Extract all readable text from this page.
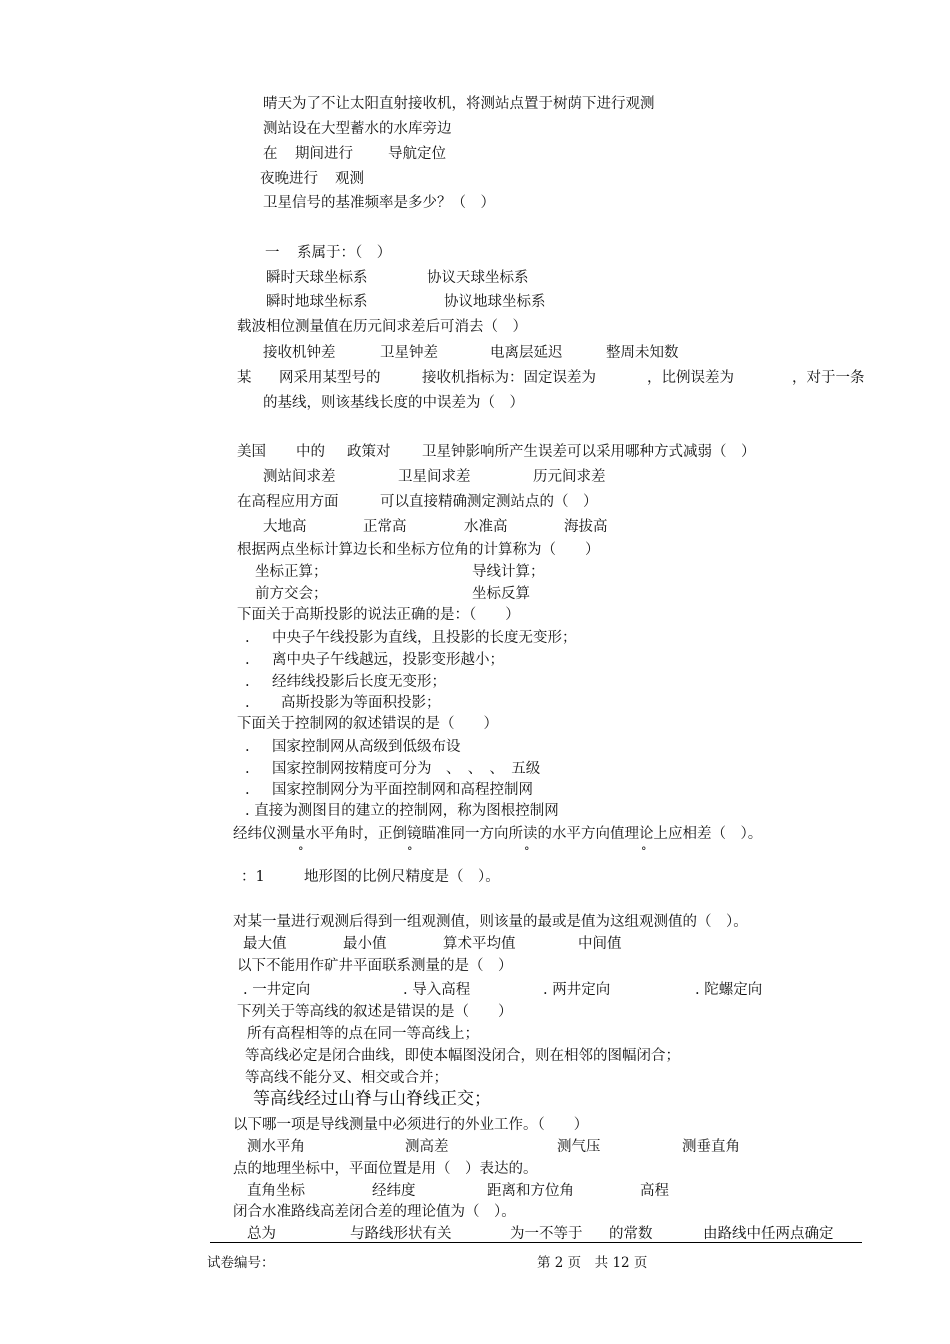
晴天为了不让太阳直射接收机，将测站点置于树荫下进行观测
测站设在大型蓄水的水库旁边
在 期间进行 导航定位
夜晚进行 观测
卫星信号的基准频率是多少？（　）
一 系属于：（　）
瞬时天球坐标系	协议天球坐标系
瞬时地球坐标系	协议地球坐标系
载波相位测量值在历元间求差后可消去（　）
接收机钟差	卫星钟差	电离层延迟	整周未知数
某 网采用某型号的	接收机指标为：固定误差为	，比例误差为	，对于一条
的基线，则该基线长度的中误差为（　）
美国 中的 政策对 卫星钟影响所产生误差可以采用哪种方式减弱（　）
测站间求差	卫星间求差	历元间求差
在高程应用方面	可以直接精确测定测站点的（　）
大地高	正常高	水准高	海拔高
根据两点坐标计算边长和坐标方位角的计算称为（　　）
坐标正算；	导线计算；
前方交会；	坐标反算
下面关于高斯投影的说法正确的是：（　　）
. 中央子午线投影为直线，且投影的长度无变形；
. 离中央子午线越远，投影变形越小；
. 经纬线投影后长度无变形；
. 高斯投影为等面积投影；
下面关于控制网的叙述错误的是（　　）
. 国家控制网从高级到低级布设
. 国家控制网按精度可分为　、　、　、　五级
. 国家控制网分为平面控制网和高程控制网
. 直接为测图目的建立的控制网，称为图根控制网
经纬仪测量水平角时，正倒镜瞄准同一方向所读的水平方向值理论上应相差（　）。
°	°	°	°
：1	地形图的比例尺精度是（　）。
对某一量进行观测后得到一组观测值，则该量的最或是值为这组观测值的（　）。
最大值	最小值	算术平均值	中间值
以下不能用作矿井平面联系测量的是（　）
. 一井定向	. 导入高程	. 两井定向	. 陀螺定向
下列关于等高线的叙述是错误的是（　　）
所有高程相等的点在同一等高线上；
等高线必定是闭合曲线，即使本幅图没闭合，则在相邻的图幅闭合；
等高线不能分叉、相交或合并；
等高线经过山脊与山脊线正交；
以下哪一项是导线测量中必须进行的外业工作。（　　）
测水平角	测高差	测气压	测垂直角
点的地理坐标中，平面位置是用（　）表达的。
直角坐标	经纬度	距离和方位角	高程
闭合水准路线高差闭合差的理论值为（　）。
总为	与路线形状有关	为一不等于 的常数	由路线中任两点确定
试卷编号：	第 2 页　共 12 页
